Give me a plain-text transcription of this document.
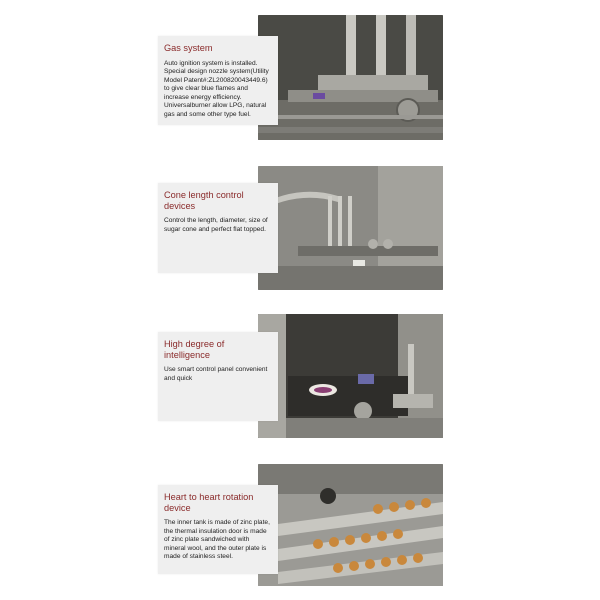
Gas system

Auto ignition system is installed. Special design nozzle system(Utility Model Patent#:ZL200820043449.6) to give clear blue flames and increase energy efficiency. Universalburner allow LPG, natural gas and some other type fuel.

Cone length control devices

Control the length, diameter, size of sugar cone and perfect flat topped.

High degree of intelligence

Use smart control panel convenient and quick

Heart to heart rotation device

The inner tank is made of zinc plate, the thermal insulation door is made of zinc plate sandwiched with mineral wool, and the outer plate is made of stainless steel.
